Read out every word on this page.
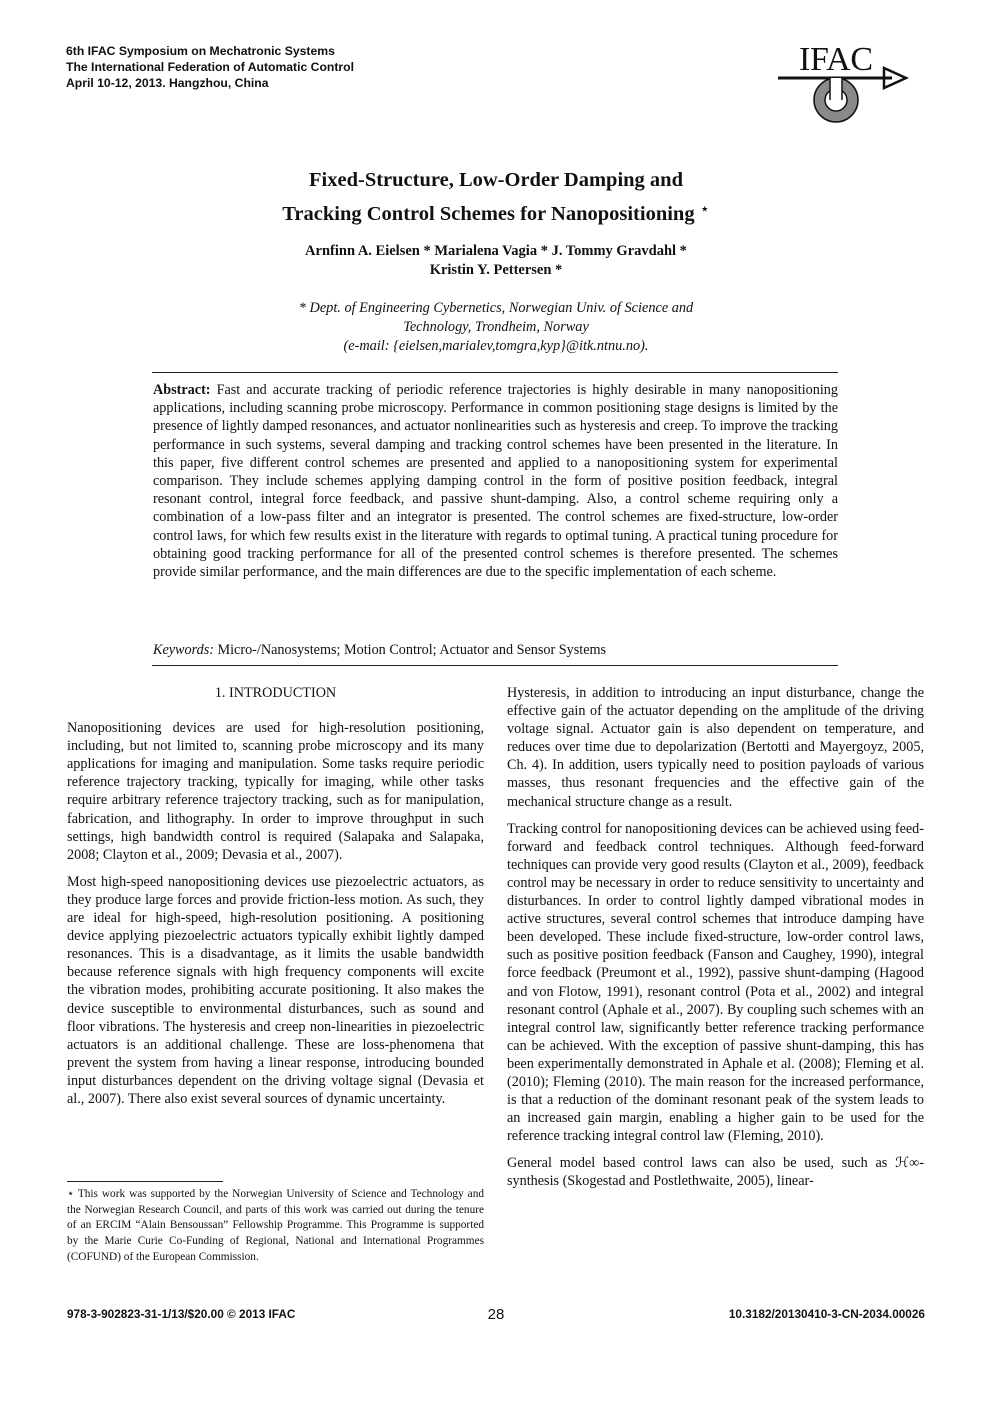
6th IFAC Symposium on Mechatronic Systems
The International Federation of Automatic Control
April 10-12, 2013. Hangzhou, China
IFAC
Fixed-Structure, Low-Order Damping and
Tracking Control Schemes for Nanopositioning ⋆
Arnfinn A. Eielsen * Marialena Vagia * J. Tommy Gravdahl *
Kristin Y. Pettersen *
* Dept. of Engineering Cybernetics, Norwegian Univ. of Science and
Technology, Trondheim, Norway
(e-mail: {eielsen,marialev,tomgra,kyp}@itk.ntnu.no).
Abstract: Fast and accurate tracking of periodic reference trajectories is highly desirable in many nanopositioning applications, including scanning probe microscopy. Performance in common positioning stage designs is limited by the presence of lightly damped resonances, and actuator nonlinearities such as hysteresis and creep. To improve the tracking performance in such systems, several damping and tracking control schemes have been presented in the literature. In this paper, five different control schemes are presented and applied to a nanopositioning system for experimental comparison. They include schemes applying damping control in the form of positive position feedback, integral resonant control, integral force feedback, and passive shunt-damping. Also, a control scheme requiring only a combination of a low-pass filter and an integrator is presented. The control schemes are fixed-structure, low-order control laws, for which few results exist in the literature with regards to optimal tuning. A practical tuning procedure for obtaining good tracking performance for all of the presented control schemes is therefore presented. The schemes provide similar performance, and the main differences are due to the specific implementation of each scheme.
Keywords: Micro-/Nanosystems; Motion Control; Actuator and Sensor Systems

1. INTRODUCTION

Nanopositioning devices are used for high-resolution positioning, including, but not limited to, scanning probe microscopy and its many applications for imaging and manipulation. Some tasks require periodic reference trajectory tracking, typically for imaging, while other tasks require arbitrary reference trajectory tracking, such as for manipulation, fabrication, and lithography. In order to improve throughput in such settings, high bandwidth control is required (Salapaka and Salapaka, 2008; Clayton et al., 2009; Devasia et al., 2007).

Most high-speed nanopositioning devices use piezoelectric actuators, as they produce large forces and provide friction-less motion. As such, they are ideal for high-speed, high-resolution positioning. A positioning device applying piezoelectric actuators typically exhibit lightly damped resonances. This is a disadvantage, as it limits the usable bandwidth because reference signals with high frequency components will excite the vibration modes, prohibiting accurate positioning. It also makes the device susceptible to environmental disturbances, such as sound and floor vibrations. The hysteresis and creep non-linearities in piezoelectric actuators is an additional challenge. These are loss-phenomena that prevent the system from having a linear response, introducing bounded input disturbances dependent on the driving voltage signal (Devasia et al., 2007). There also exist several sources of dynamic uncertainty.

⋆ This work was supported by the Norwegian University of Science and Technology and the Norwegian Research Council, and parts of this work was carried out during the tenure of an ERCIM “Alain Bensoussan” Fellowship Programme. This Programme is supported by the Marie Curie Co-Funding of Regional, National and International Programmes (COFUND) of the European Commission.

Hysteresis, in addition to introducing an input disturbance, change the effective gain of the actuator depending on the amplitude of the driving voltage signal. Actuator gain is also dependent on temperature, and reduces over time due to depolarization (Bertotti and Mayergoyz, 2005, Ch. 4). In addition, users typically need to position payloads of various masses, thus resonant frequencies and the effective gain of the mechanical structure change as a result.

Tracking control for nanopositioning devices can be achieved using feed-forward and feedback control techniques. Although feed-forward techniques can provide very good results (Clayton et al., 2009), feedback control may be necessary in order to reduce sensitivity to uncertainty and disturbances. In order to control lightly damped vibrational modes in active structures, several control schemes that introduce damping have been developed. These include fixed-structure, low-order control laws, such as positive position feedback (Fanson and Caughey, 1990), integral force feedback (Preumont et al., 1992), passive shunt-damping (Hagood and von Flotow, 1991), resonant control (Pota et al., 2002) and integral resonant control (Aphale et al., 2007). By coupling such schemes with an integral control law, significantly better reference tracking performance can be achieved. With the exception of passive shunt-damping, this has been experimentally demonstrated in Aphale et al. (2008); Fleming et al. (2010); Fleming (2010). The main reason for the increased performance, is that a reduction of the dominant resonant peak of the system leads to an increased gain margin, enabling a higher gain to be used for the reference tracking integral control law (Fleming, 2010).

General model based control laws can also be used, such as ℋ∞-synthesis (Skogestad and Postlethwaite, 2005), linear-

978-3-902823-31-1/13/$20.00 © 2013 IFAC	28	10.3182/20130410-3-CN-2034.00026
